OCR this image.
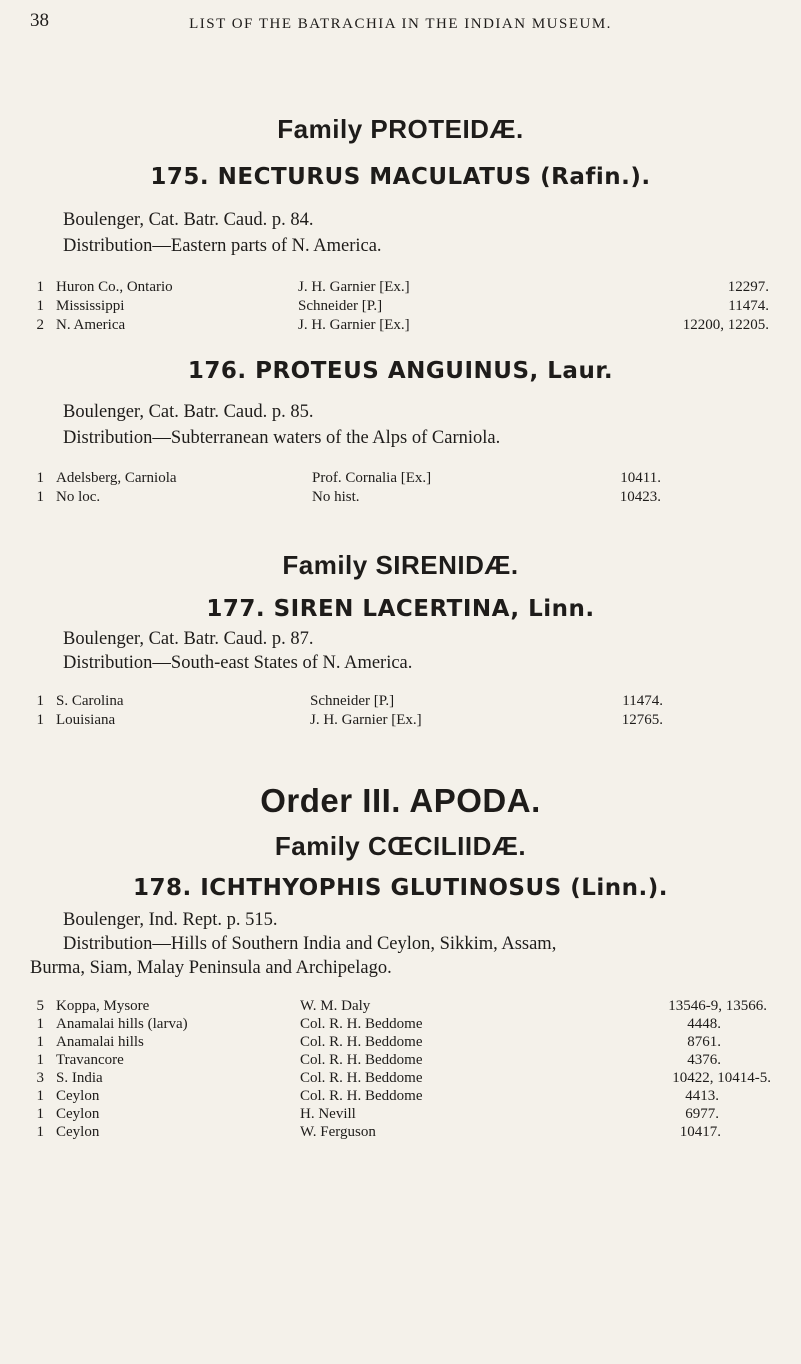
38	LIST OF THE BATRACHIA IN THE INDIAN MUSEUM.
Family PROTEIDÆ.
175. NECTURUS MACULATUS (Rafin.).
Boulenger, Cat. Batr. Caud. p. 84.
Distribution—Eastern parts of N. America.
1 Huron Co., Ontario	J. H. Garnier [Ex.]	12297.
1 Mississippi	Schneider [P.]	11474.
2 N. America	J. H. Garnier [Ex.]	12200, 12205.
176. PROTEUS ANGUINUS, Laur.
Boulenger, Cat. Batr. Caud. p. 85.
Distribution—Subterranean waters of the Alps of Carniola.
1 Adelsberg, Carniola	Prof. Cornalia [Ex.]	10411.
1 No loc.	No hist.	10423.
Family SIRENIDÆ.
177. SIREN LACERTINA, Linn.
Boulenger, Cat. Batr. Caud. p. 87.
Distribution—South-east States of N. America.
1 S. Carolina	Schneider [P.]	11474.
1 Louisiana	J. H. Garnier [Ex.]	12765.
Order III. APODA.
Family CŒCILIIDÆ.
178. ICHTHYOPHIS GLUTINOSUS (Linn.).
Boulenger, Ind. Rept. p. 515.
Distribution—Hills of Southern India and Ceylon, Sikkim, Assam,
Burma, Siam, Malay Peninsula and Archipelago.
5 Koppa, Mysore	W. M. Daly	13546-9, 13566.
1 Anamalai hills (larva)	Col. R. H. Beddome	4448.
1 Anamalai hills	Col. R. H. Beddome	8761.
1 Travancore	Col. R. H. Beddome	4376.
3 S. India	Col. R. H. Beddome	10422, 10414-5.
1 Ceylon	Col. R. H. Beddome	4413.
1 Ceylon	H. Nevill	6977.
1 Ceylon	W. Ferguson	10417.
